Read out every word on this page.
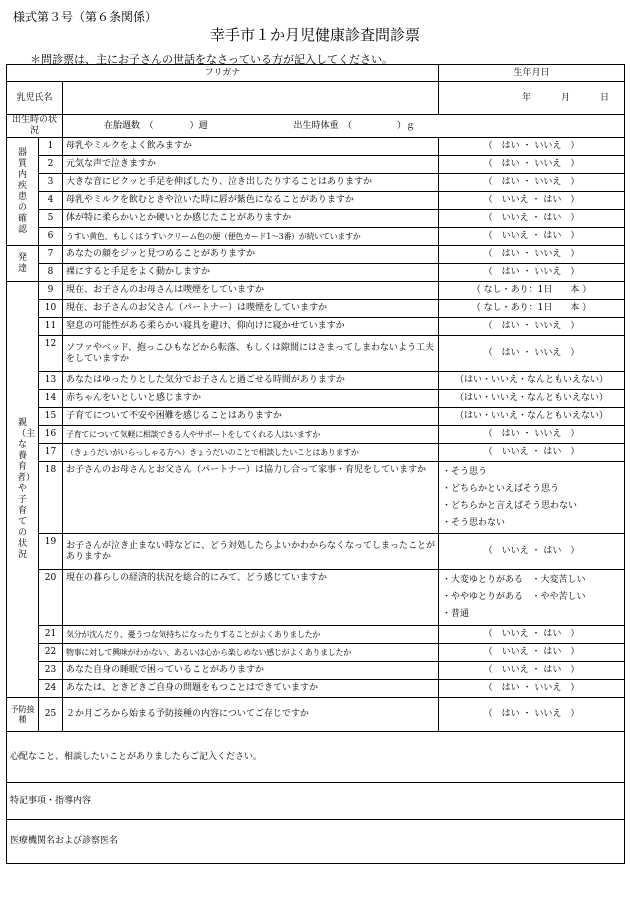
様式第３号（第６条関係）
幸手市１か月児健康診査問診票
＊問診票は、主にお子さんの世話をなさっている方が記入してください。
フリガナ			生年月日
乳児氏名			年 月 日

出生時の状況		在胎週数　（　　　　）週 出生時体重　（　　　　　）ｇ	

器質内疾患の確認	1	母乳やミルクをよく飲みますか	（　はい ・ いいえ　）
	2	元気な声で泣きますか	（　はい ・ いいえ　）
	3	大きな音にビクッと手足を伸ばしたり、泣き出したりすることはありますか	（　はい ・ いいえ　）
	4	母乳やミルクを飲むときや泣いた時に唇が紫色になることがありますか	（　いいえ ・ はい　）
	5	体が特に柔らかいとか硬いとか感じたことがありますか	（　いいえ ・ はい　）
	6	うすい黄色、もしくはうすいクリーム色の便（便色カード1～3番）が続いていますか	（　いいえ ・ はい　）
発達	7	あなたの顔をジッと見つめることがありますか	（　はい ・ いいえ　）
	8	裸にすると手足をよく動かしますか	（　はい ・ いいえ　）
親（主な養育者）や子育ての状況	9	現在、お子さんのお母さんは喫煙をしていますか	（ なし・あり：1日　　本 ）
	10	現在、お子さんのお父さん（パートナー）は喫煙をしていますか	（ なし・あり：1日　　本 ）
	11	窒息の可能性がある柔らかい寝具を避け、仰向けに寝かせていますか	（　はい ・ いいえ　）
	12	ソファやベッド、抱っこひもなどから転落、もしくは隙間にはさまってしまわないよう工夫をしていますか	（　はい ・ いいえ　）
	13	あなたはゆったりとした気分でお子さんと過ごせる時間がありますか	（はい・いいえ・なんともいえない）
	14	赤ちゃんをいとしいと感じますか	（はい・いいえ・なんともいえない）
	15	子育てについて不安や困難を感じることはありますか	（はい・いいえ・なんともいえない）
	16	子育てについて気軽に相談できる人やサポートをしてくれる人はいますか	（　はい ・ いいえ　）
	17	（きょうだいがいらっしゃる方へ）きょうだいのことで相談したいことはありますか	（　いいえ ・ はい　）
	18	お子さんのお母さんとお父さん（パートナー）は協力し合って家事・育児をしていますか	・そう思う
・どちらかといえばそう思う
・どちらかと言えばそう思わない
・そう思わない

	19	お子さんが泣き止まない時などに、どう対処したらよいかわからなくなってしまったことがありますか	（　いいえ ・ はい　）
	20	現在の暮らしの経済的状況を総合的にみて、どう感じていますか	・大変ゆとりがある ・大変苦しい
・ややゆとりがある ・やや苦しい
・普通

	21	気分が沈んだり、憂うつな気持ちになったりすることがよくありましたか	（　いいえ ・ はい　）
	22	物事に対して興味がわかない、あるいは心から楽しめない感じがよくありましたか	（　いいえ ・ はい　）
	23	あなた自身の睡眠で困っていることがありますか	（　いいえ ・ はい　）
	24	あなたは、ときどきご自身の問題をもつことはできていますか	（　はい ・ いいえ　）
予防接種	25	２か月ごろから始まる予防接種の内容についてご存じですか	（　はい ・ いいえ　）
心配なこと、相談したいことがありましたらご記入ください。			
特記事項・指導内容			
医療機関名および診察医名			
